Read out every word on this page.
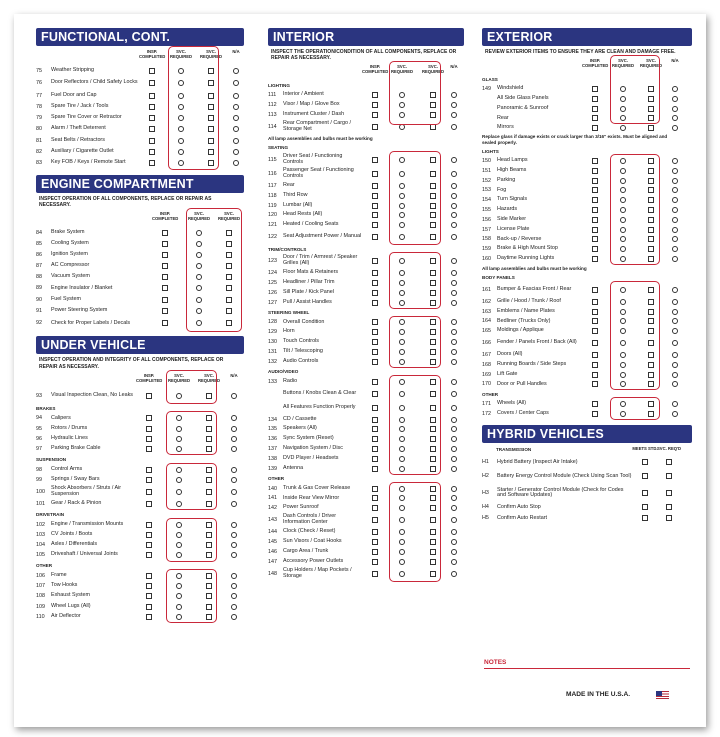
FUNCTIONAL, CONT.
INSP. COMPLETED
SVC. REQUIRED
SVC. REQUIRED
N/A
75	Weather Stripping
76	Door Reflectors / Child Safety Locks
77	Fuel Door and Cap
78	Spare Tire / Jack / Tools
79	Spare Tire Cover or Retractor
80	Alarm / Theft Deterrent
81	Seat Belts / Retractors
82	Auxiliary / Cigarette Outlet
83	Key FOB / Keys / Remote Start
ENGINE COMPARTMENT
INSPECT OPERATION OF ALL COMPONENTS, REPLACE OR REPAIR AS NECESSARY.
INSP. COMPLETED
SVC. REQUIRED
SVC. REQUIRED
84	Brake System
85	Cooling System
86	Ignition System
87	AC Compressor
88	Vacuum System
89	Engine Insulator / Blanket
90	Fuel System
91	Power Steering System
92	Check for Proper Labels / Decals
UNDER VEHICLE
INSPECT OPERATION AND INTEGRITY OF ALL COMPONENTS, REPLACE OR REPAIR AS NECESSARY.
INSP. COMPLETED
SVC. REQUIRED
SVC. REQUIRED
N/A
93	Visual Inspection Clean, No Leaks
BRAKES
94	Calipers
95	Rotors / Drums
96	Hydraulic Lines
97	Parking Brake Cable
SUSPENSION
98	Control Arms
99	Springs / Sway Bars
100
Shock Absorbers / Struts / Air Suspension
101	Gear / Rack & Pinion
DRIVETRAIN
102	Engine / Transmission Mounts
103	CV Joints / Boots
104	Axles / Differentials
105	Driveshaft / Universal Joints
OTHER
106	Frame
107	Tow Hooks
108	Exhaust System
109	Wheel Lugs (All)
110	Air Deflector
INTERIOR
INSPECT THE OPERATION/CONDITION OF ALL COMPONENTS, REPLACE OR REPAIR AS NECESSARY.
INSP. COMPLETED
SVC. REQUIRED
SVC. REQUIRED
N/A
LIGHTING
111	Interior / Ambient
112	Visor / Map / Glove Box
113	Instrument Cluster / Dash
114
Rear Compartment / Cargo / Storage Net
All lamp assemblies and bulbs must be working
SEATING
115
Driver Seat / Functioning Controls
116
Passenger Seat / Functioning Controls
117	Rear
118	Third Row
119	Lumbar (All)
120	Head Rests (All)
121	Heated / Cooling Seats
122	Seat Adjustment Power / Manual
TRIM/CONTROLS
123
Door / Trim / Armrest / Speaker Grilles (All)
124	Floor Mats & Retainers
125	Headliner / Pillar Trim
126	Sill Plate / Kick Panel
127	Pull / Assist Handles
STEERING WHEEL
128	Overall Condition
129	Horn
130	Touch Controls
131	Tilt / Telescoping
132	Audio Controls
AUDIO/VIDEO
133	Radio
Buttons / Knobs Clean & Clear
All Features Function Properly
134	CD / Cassette
135	Speakers (All)
136	Sync System (Reset)
137	Navigation System / Disc
138	DVD Player / Headsets
139	Antenna
OTHER
140	Trunk & Gas Cover Release
141	Inside Rear View Mirror
142	Power Sunroof
143
Dash Controls / Driver Information Center
144	Clock (Check / Reset)
145	Sun Visors / Coat Hooks
146	Cargo Area / Trunk
147	Accessory Power Outlets
148
Cup Holders / Map Pockets / Storage
EXTERIOR
REVIEW EXTERIOR ITEMS TO ENSURE THEY ARE CLEAN AND DAMAGE FREE.
INSP. COMPLETED
SVC. REQUIRED
SVC. REQUIRED
N/A
GLASS
149	Windshield
All Side Glass Panels
Panoramic & Sunroof
Rear
Mirrors
Replace glass if damage exists or crack larger than 3/16" exists. Must be aligned and sealed properly.
LIGHTS
150	Head Lamps
151	High Beams
152	Parking
153	Fog
154	Turn Signals
155	Hazards
156	Side Marker
157	License Plate
158	Back-up / Reverse
159	Brake & High Mount Stop
160	Daytime Running Lights
All lamp assemblies and bulbs must be working
BODY PANELS
161	Bumper & Fascias Front / Rear
162	Grille / Hood / Trunk / Roof
163	Emblems / Name Plates
164	Bedliner (Trucks Only)
165	Moldings / Applique
166	Fender / Panels Front / Back (All)
167	Doors (All)
168	Running Boards / Side Steps
169	Lift Gate
170	Door or Pull Handles
OTHER
171	Wheels (All)
172	Covers / Center Caps
HYBRID VEHICLES
TRANSMISSION	MEETS STD. SVC. REQ'D
H1	Hybrid Battery (Inspect Air Intake)
H2	Battery Energy Control Module (Check Using Scan Tool)
H3
Starter / Generator Control Module (Check for Codes and Software Updates)
H4	Confirm Auto Stop
H5	Confirm Auto Restart
NOTES
MADE IN THE U.S.A.
